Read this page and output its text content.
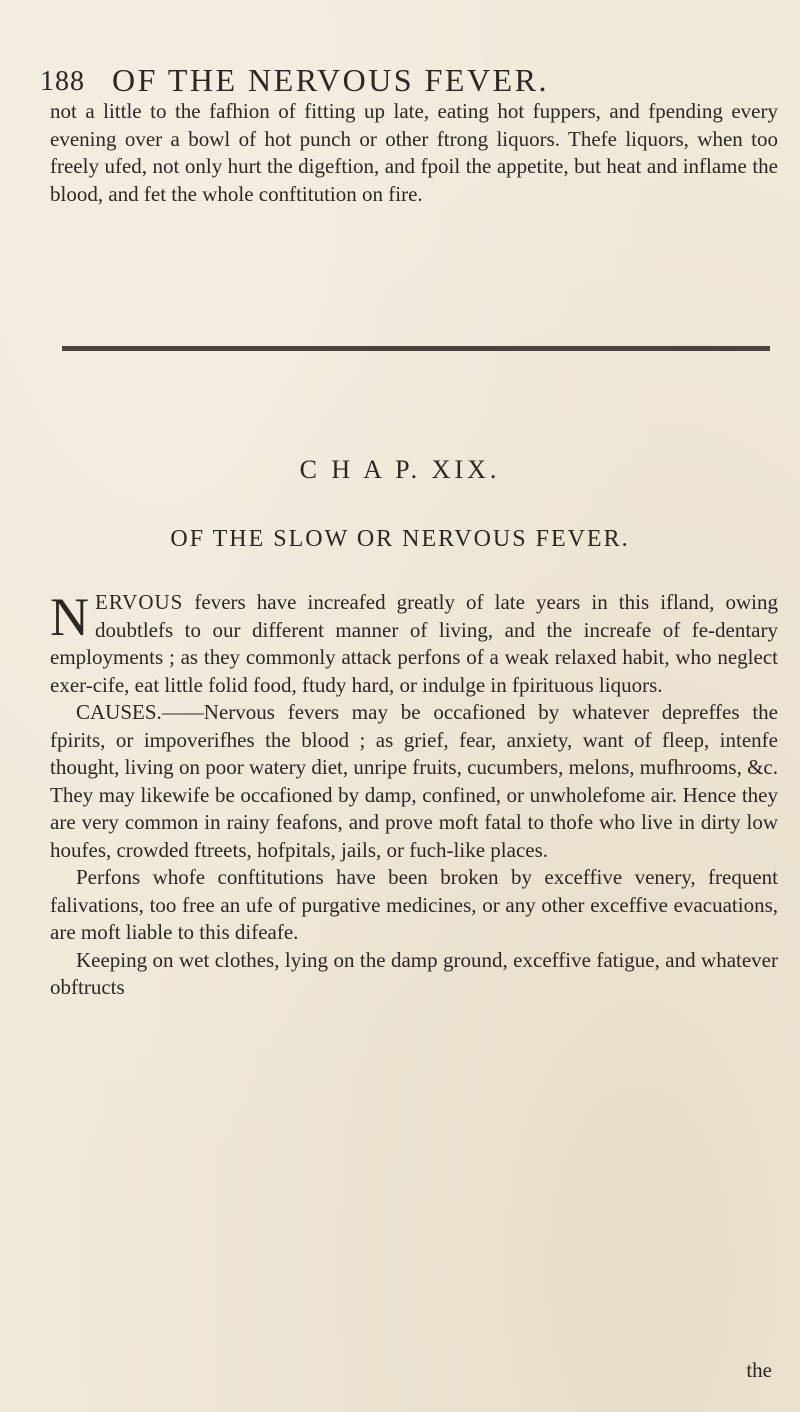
188 OF THE NERVOUS FEVER.

not a little to the fafhion of fitting up late, eating hot fuppers, and fpending every evening over a bowl of hot punch or other ftrong liquors. Thefe liquors, when too freely ufed, not only hurt the digeftion, and fpoil the appetite, but heat and inflame the blood, and fet the whole conftitution on fire.

C H A P. XIX.
OF THE SLOW OR NERVOUS FEVER.

NERVOUS fevers have increafed greatly of late years in this ifland, owing doubtlefs to our different manner of living, and the increafe of fe-dentary employments ; as they commonly attack perfons of a weak relaxed habit, who neglect exer-cife, eat little folid food, ftudy hard, or indulge in fpirituous liquors.

CAUSES.——Nervous fevers may be occafioned by whatever depreffes the fpirits, or impoverifhes the blood ; as grief, fear, anxiety, want of fleep, intenfe thought, living on poor watery diet, unripe fruits, cucumbers, melons, mufhrooms, &c. They may likewife be occafioned by damp, confined, or unwholefome air. Hence they are very common in rainy feafons, and prove moft fatal to thofe who live in dirty low houfes, crowded ftreets, hofpitals, jails, or fuch-like places.

Perfons whofe conftitutions have been broken by exceffive venery, frequent falivations, too free an ufe of purgative medicines, or any other exceffive evacuations, are moft liable to this difeafe.

Keeping on wet clothes, lying on the damp ground, exceffive fatigue, and whatever obftructs

the
